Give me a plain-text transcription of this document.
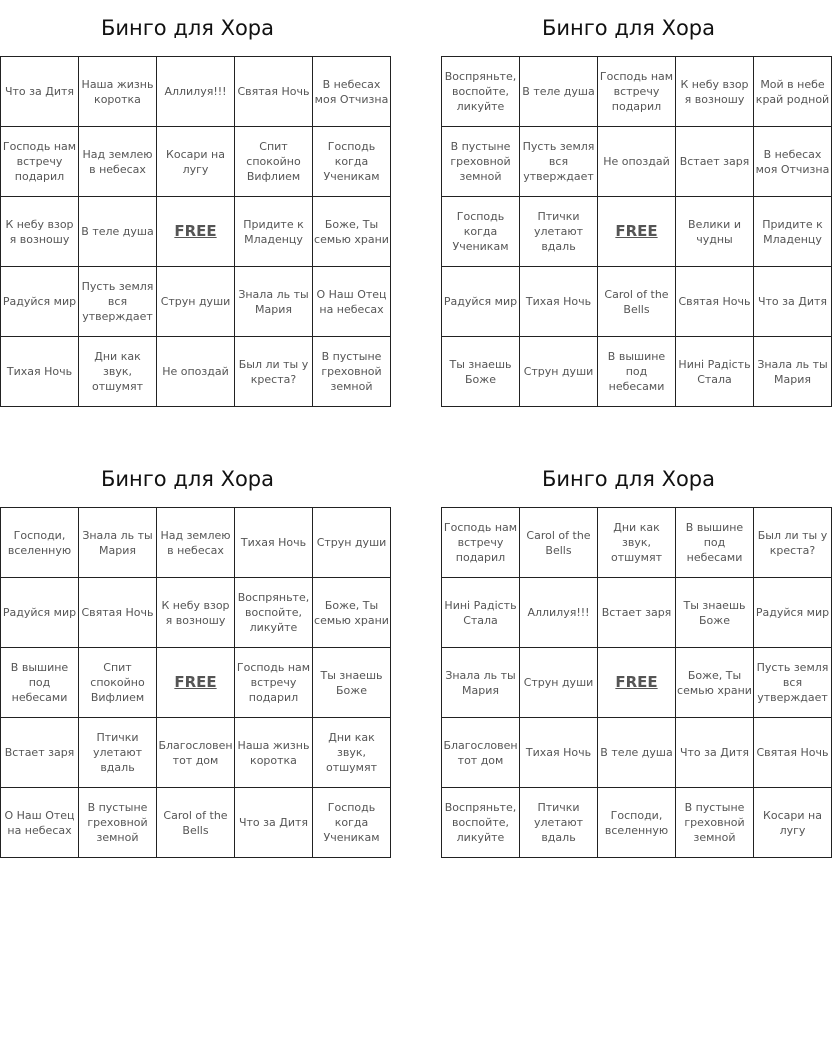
Бинго для Хора
Что за Дитя	Наша жизнь коротка	Аллилуя!!!	Святая Ночь	В небесах моя Отчизна
Господь нам встречу подарил	Над землею в небесах	Косари на лугу	Спит спокойно Вифлием	Господь когда Ученикам
К небу взор я возношу	В теле душа	FREE	Придите к Младенцу	Боже, Ты семью храни
Радуйся мир	Пусть земля вся утверждает	Струн души	Знала ль ты Мария	О Наш Отец на небесах
Тихая Ночь	Дни как звук, отшумят	Не опоздай	Был ли ты у креста?	В пустыне греховной земной
Бинго для Хора
Воспряньте, воспойте, ликуйте	В теле душа	Господь нам встречу подарил	К небу взор я возношу	Мой в небе край родной
В пустыне греховной земной	Пусть земля вся утверждает	Не опоздай	Встает заря	В небесах моя Отчизна
Господь когда Ученикам	Птички улетают вдаль	FREE	Велики и чудны	Придите к Младенцу
Радуйся мир	Тихая Ночь	Carol of the Bells	Святая Ночь	Что за Дитя
Ты знаешь Боже	Струн души	В вышине под небесами	Нині Радість Стала	Знала ль ты Мария
Бинго для Хора
Господи, вселенную	Знала ль ты Мария	Над землею в небесах	Тихая Ночь	Струн души
Радуйся мир	Святая Ночь	К небу взор я возношу	Воспряньте, воспойте, ликуйте	Боже, Ты семью храни
В вышине под небесами	Спит спокойно Вифлием	FREE	Господь нам встречу подарил	Ты знаешь Боже
Встает заря	Птички улетают вдаль	Благословен тот дом	Наша жизнь коротка	Дни как звук, отшумят
О Наш Отец на небесах	В пустыне греховной земной	Carol of the Bells	Что за Дитя	Господь когда Ученикам
Бинго для Хора
Господь нам встречу подарил	Carol of the Bells	Дни как звук, отшумят	В вышине под небесами	Был ли ты у креста?
Нині Радість Стала	Аллилуя!!!	Встает заря	Ты знаешь Боже	Радуйся мир
Знала ль ты Мария	Струн души	FREE	Боже, Ты семью храни	Пусть земля вся утверждает
Благословен тот дом	Тихая Ночь	В теле душа	Что за Дитя	Святая Ночь
Воспряньте, воспойте, ликуйте	Птички улетают вдаль	Господи, вселенную	В пустыне греховной земной	Косари на лугу
